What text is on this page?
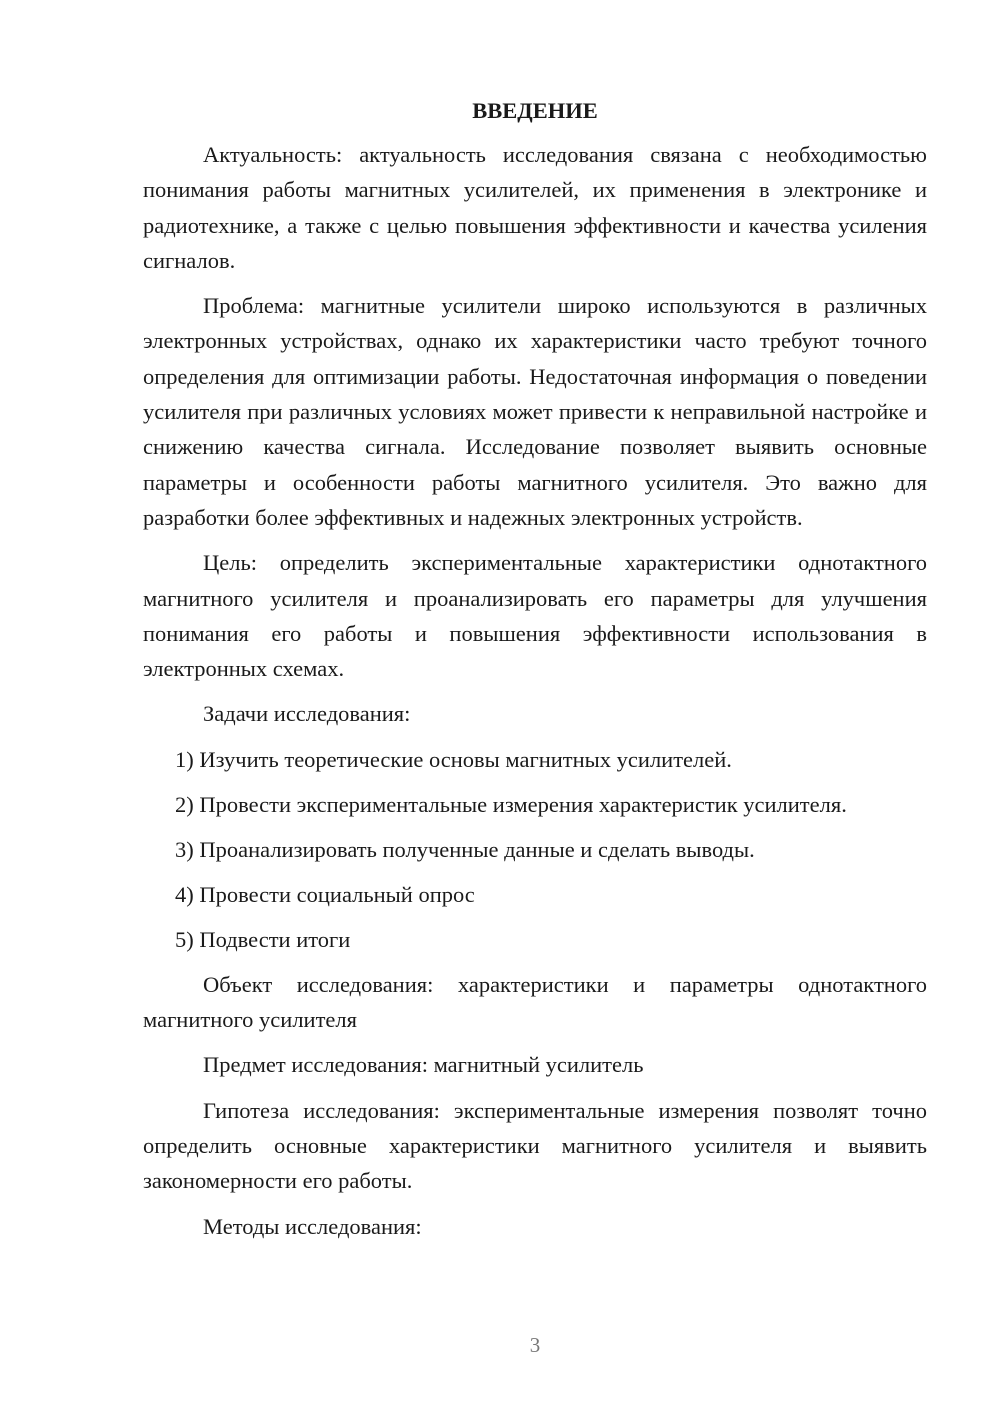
ВВЕДЕНИЕ

Актуальность: актуальность исследования связана с необходимостью понимания работы магнитных усилителей, их применения в электронике и радиотехнике, а также с целью повышения эффективности и качества усиления сигналов.

Проблема: магнитные усилители широко используются в различных электронных устройствах, однако их характеристики часто требуют точного определения для оптимизации работы. Недостаточная информация о поведении усилителя при различных условиях может привести к неправильной настройке и снижению качества сигнала. Исследование позволяет выявить основные параметры и особенности работы магнитного усилителя. Это важно для разработки более эффективных и надежных электронных устройств.

Цель: определить экспериментальные характеристики однотактного магнитного усилителя и проанализировать его параметры для улучшения понимания его работы и повышения эффективности использования в электронных схемах.

Задачи исследования:

1) Изучить теоретические основы магнитных усилителей.
2) Провести экспериментальные измерения характеристик усилителя.
3) Проанализировать полученные данные и сделать выводы.
4) Провести социальный опрос
5) Подвести итоги

Объект исследования: характеристики и параметры однотактного магнитного усилителя

Предмет исследования: магнитный усилитель

Гипотеза исследования: экспериментальные измерения позволят точно определить основные характеристики магнитного усилителя и выявить закономерности его работы.

Методы исследования:

3
